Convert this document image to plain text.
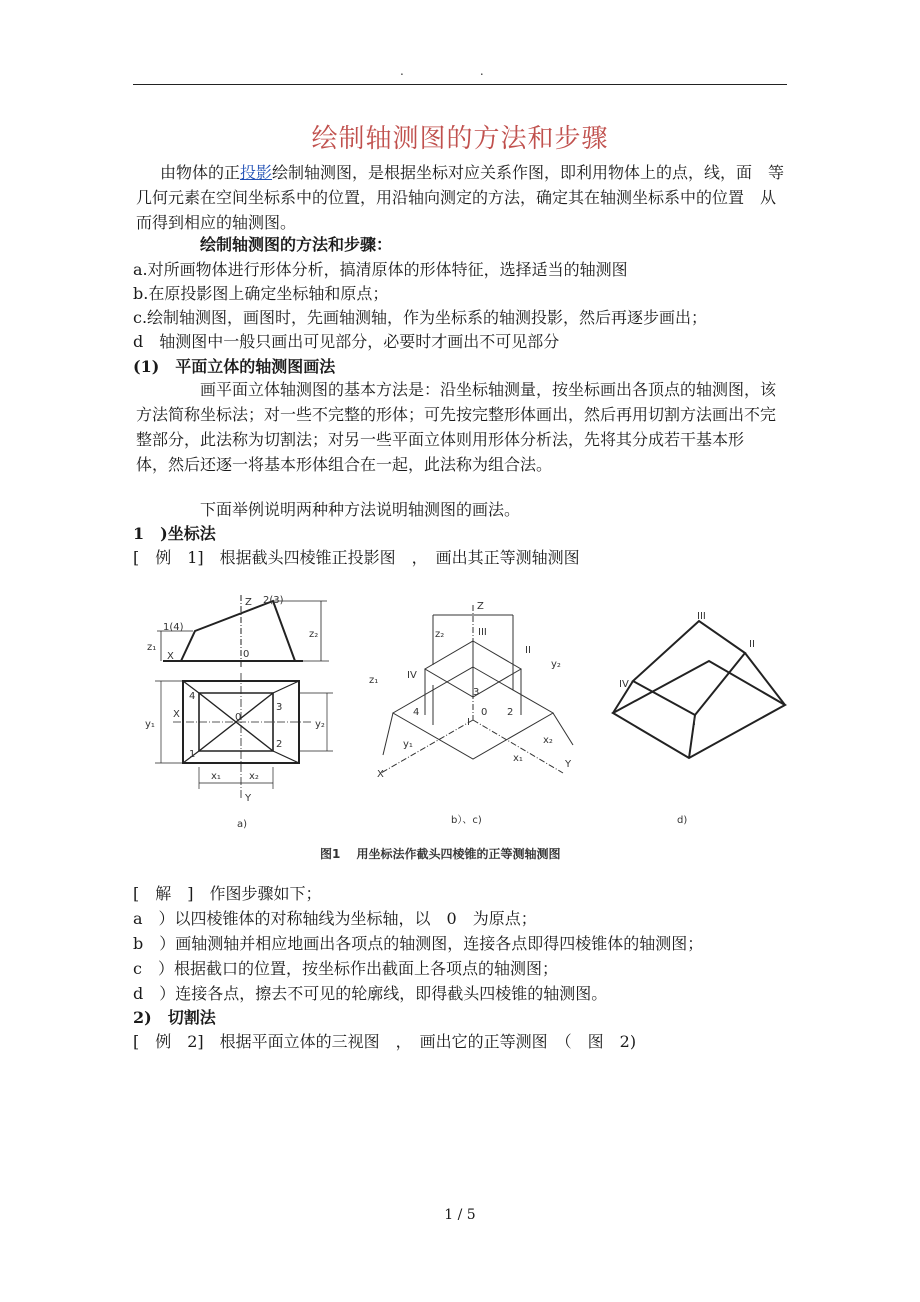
..
绘制轴测图的方法和步骤

由物体的正投影绘制轴测图，是根据坐标对应关系作图，即利用物体上的点，线，面　等几何元素在空间坐标系中的位置，用沿轴向测定的方法，确定其在轴测坐标系中的位置　从而得到相应的轴测图。

绘制轴测图的方法和步骤：
a.对所画物体进行形体分析，搞清原体的形体特征，选择适当的轴测图
b.在原投影图上确定坐标轴和原点；
c.绘制轴测图，画图时，先画轴测轴，作为坐标系的轴测投影，然后再逐步画出；
d　轴测图中一般只画出可见部分，必要时才画出不可见部分
(1)　平面立体的轴测图画法

画平面立体轴测图的基本方法是：沿坐标轴测量，按坐标画出各顶点的轴测图，该方法简称坐标法；对一些不完整的形体；可先按完整形体画出，然后再用切割方法画出不完　整部分，此法称为切割法；对另一些平面立体则用形体分析法，先将其分成若干基本形　体，然后还逐一将基本形体组合在一起，此法称为组合法。

下面举例说明两种种方法说明轴测图的画法。
1　)坐标法
[　例　1]　根据截头四棱锥正投影图　，　画出其正等测轴测图
Z 2(3)
1(4)
X	0
z₁
z₂
y₁	y₂
X	0
4
3
1
2
x₁	x₂
Y
a)
Z
III
II
IV
I
3
2
4	0
z₂
z₁
y₂
y₁
x₁
x₂
X
Y
b）、c)
III
II
IV
I
d)
图1　 用坐标法作截头四棱锥的正等测轴测图
[　解　]　作图步骤如下；
a　）以四棱锥体的对称轴线为坐标轴，以　0　为原点；
b　）画轴测轴并相应地画出各项点的轴测图，连接各点即得四棱锥体的轴测图；
c　）根据截口的位置，按坐标作出截面上各项点的轴测图；
d　）连接各点，擦去不可见的轮廓线，即得截头四棱锥的轴测图。
2)　切割法
[　例　2]　根据平面立体的三视图　，　画出它的正等测图　（　图　2)
1 / 5
